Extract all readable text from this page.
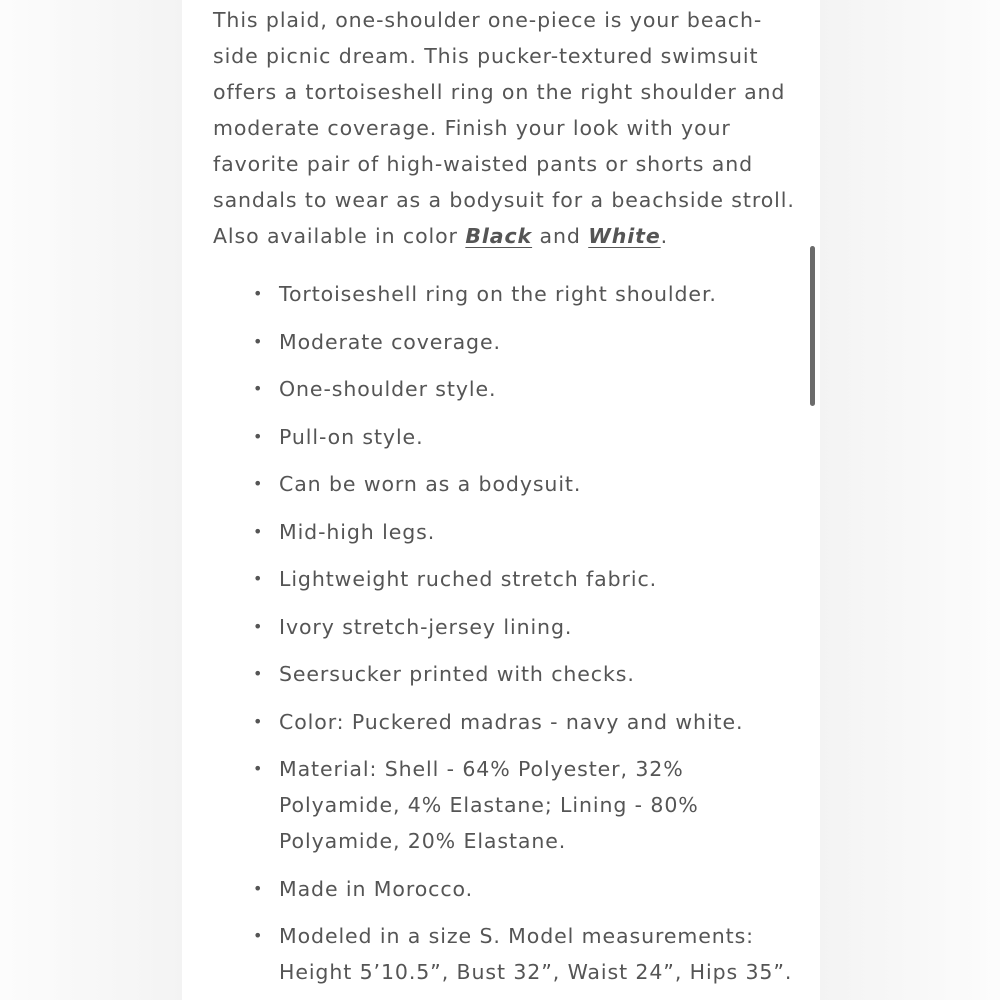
This plaid, one-shoulder one-piece is your beach-side picnic dream. This pucker-textured swimsuit offers a tortoiseshell ring on the right shoulder and moderate coverage. Finish your look with your favorite pair of high-waisted pants or shorts and sandals to wear as a bodysuit for a beachside stroll. Also available in color Black and White.

• Tortoiseshell ring on the right shoulder.
• Moderate coverage.
• One-shoulder style.
• Pull-on style.
• Can be worn as a bodysuit.
• Mid-high legs.
• Lightweight ruched stretch fabric.
• Ivory stretch-jersey lining.
• Seersucker printed with checks.
• Color: Puckered madras - navy and white.
• Material: Shell - 64% Polyester, 32% Polyamide, 4% Elastane; Lining - 80% Polyamide, 20% Elastane.
• Made in Morocco.
• Modeled in a size S. Model measurements: Height 5’10.5”, Bust 32”, Waist 24”, Hips 35”.
